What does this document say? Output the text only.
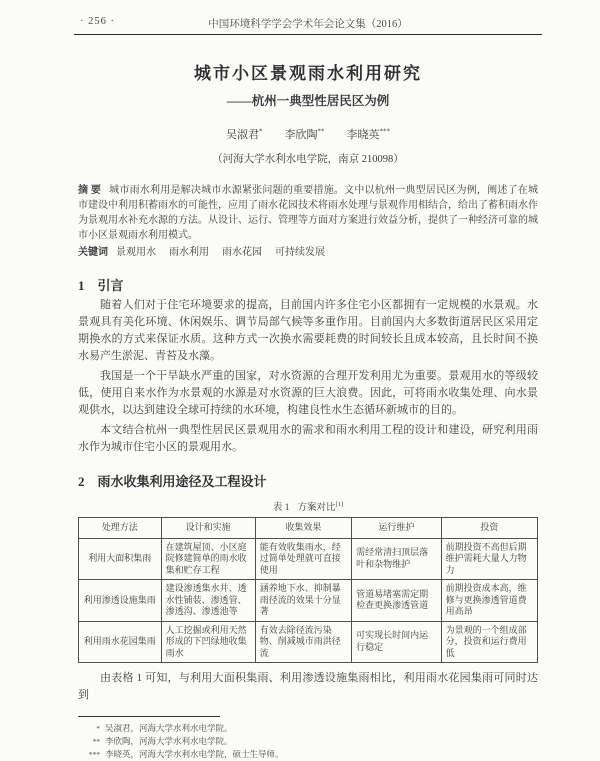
· 256 ·	中国环境科学学会学术年会论文集（2016）
城市小区景观雨水利用研究
——杭州一典型性居民区为例
吴淑君* 李欣陶** 李晓英***
（河海大学水利水电学院，南京 210098）

摘 要 城市雨水利用是解决城市水源紧张问题的重要措施。文中以杭州一典型居民区为例，阐述了在城市建设中利用积蓄雨水的可能性，应用了雨水花园技术将雨水处理与景观作用相结合，给出了蓄积雨水作为景观用水补充水源的方法。从设计、运行、管理等方面对方案进行效益分析，提供了一种经济可靠的城市小区景观雨水利用模式。

关键词 景观用水 雨水利用 雨水花园 可持续发展

1 引言

随着人们对于住宅环境要求的提高，目前国内许多住宅小区都拥有一定规模的水景观。水景观具有美化环境、休闲娱乐、调节局部气候等多重作用。目前国内大多数街道居民区采用定期换水的方式来保证水质。这种方式一次换水需要耗费的时间较长且成本较高，且长时间不换水易产生淤泥、青苔及水藻。

我国是一个干旱缺水严重的国家，对水资源的合理开发利用尤为重要。景观用水的等级较低，使用自来水作为水景观的水源是对水资源的巨大浪费。因此，可将雨水收集处理、向水景观供水，以达到建设全球可持续的水环境，构建良性水生态循环新城市的目的。

本文结合杭州一典型性居民区景观用水的需求和雨水利用工程的设计和建设，研究利用雨水作为城市住宅小区的景观用水。

2 雨水收集利用途径及工程设计
表 1 方案对比[1]
处理方法	设计和实施	收集效果	运行维护	投资
利用大面积集雨	在建筑屋顶、小区庭院修建简单的雨水收集和贮存工程	能有效收集雨水，经过简单处理就可直接使用	需经常清扫顶层落叶和杂物维护	前期投资不高但后期维护需耗大量人力物力
利用渗透设施集雨	建设渗透集水井、透水性铺装、渗透管、渗透沟、渗透池等	涵养地下水、抑制暴雨径流的效果十分显著	管道易堵塞需定期检查更换渗透管道	前期投资成本高，维修与更换渗透管道费用高昂
利用雨水花园集雨	人工挖掘或利用天然形成的下凹绿地收集雨水	有效去除径流污染物、削减城市雨洪径流	可实现长时间内运行稳定	为景观的一个组成部分，投资和运行费用低

由表格 1 可知，与利用大面积集雨、利用渗透设施集雨相比，利用雨水花园集雨可同时达到

* 吴淑君，河海大学水利水电学院。
** 李欣陶，河海大学水利水电学院。
*** 李晓英，河海大学水利水电学院，硕士生导师。
